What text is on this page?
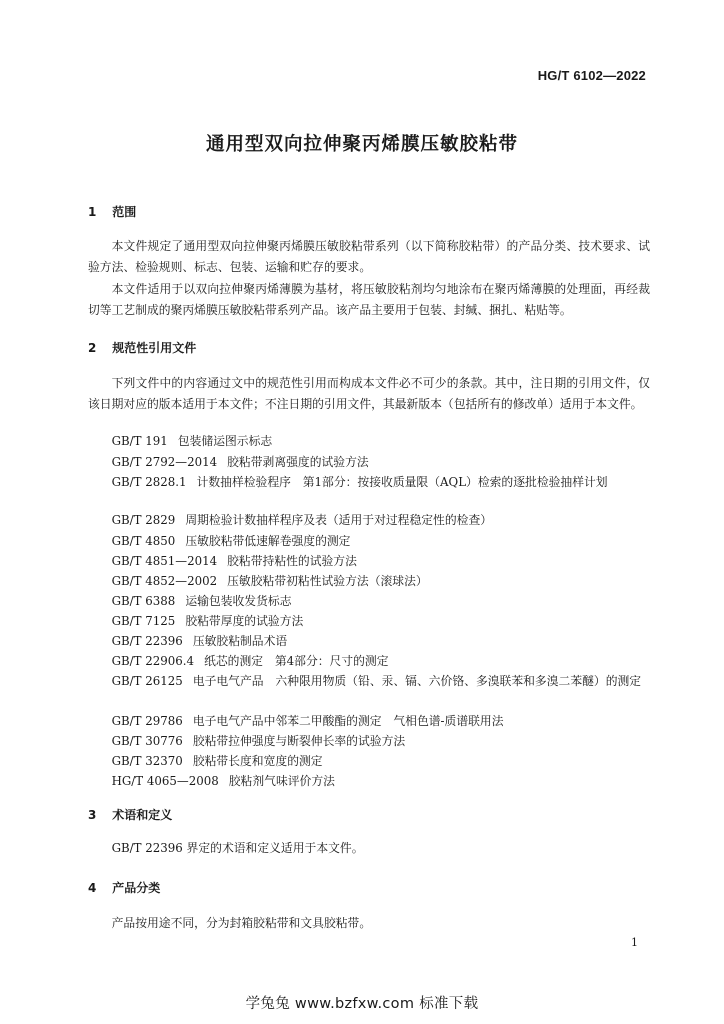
HG/T 6102—2022
通用型双向拉伸聚丙烯膜压敏胶粘带
1 范围
本文件规定了通用型双向拉伸聚丙烯膜压敏胶粘带系列（以下简称胶粘带）的产品分类、技术要求、试验方法、检验规则、标志、包装、运输和贮存的要求。
本文件适用于以双向拉伸聚丙烯薄膜为基材，将压敏胶粘剂均匀地涂布在聚丙烯薄膜的处理面，再经裁切等工艺制成的聚丙烯膜压敏胶粘带系列产品。该产品主要用于包装、封缄、捆扎、粘贴等。
2 规范性引用文件
下列文件中的内容通过文中的规范性引用而构成本文件必不可少的条款。其中，注日期的引用文件，仅该日期对应的版本适用于本文件；不注日期的引用文件，其最新版本（包括所有的修改单）适用于本文件。
GB/T 191 包装储运图示标志
GB/T 2792—2014 胶粘带剥离强度的试验方法
GB/T 2828.1 计数抽样检验程序　第1部分：按接收质量限（AQL）检索的逐批检验抽样计划
GB/T 2829 周期检验计数抽样程序及表（适用于对过程稳定性的检查）
GB/T 4850 压敏胶粘带低速解卷强度的测定
GB/T 4851—2014 胶粘带持粘性的试验方法
GB/T 4852—2002 压敏胶粘带初粘性试验方法（滚球法）
GB/T 6388 运输包装收发货标志
GB/T 7125 胶粘带厚度的试验方法
GB/T 22396 压敏胶粘制品术语
GB/T 22906.4 纸芯的测定　第4部分：尺寸的测定
GB/T 26125 电子电气产品　六种限用物质（铅、汞、镉、六价铬、多溴联苯和多溴二苯醚）的测定
GB/T 29786 电子电气产品中邻苯二甲酸酯的测定　气相色谱-质谱联用法
GB/T 30776 胶粘带拉伸强度与断裂伸长率的试验方法
GB/T 32370 胶粘带长度和宽度的测定
HG/T 4065—2008 胶粘剂气味评价方法
3 术语和定义
GB/T 22396 界定的术语和定义适用于本文件。
4 产品分类
产品按用途不同，分为封箱胶粘带和文具胶粘带。
1
学兔兔 www.bzfxw.com 标准下载
